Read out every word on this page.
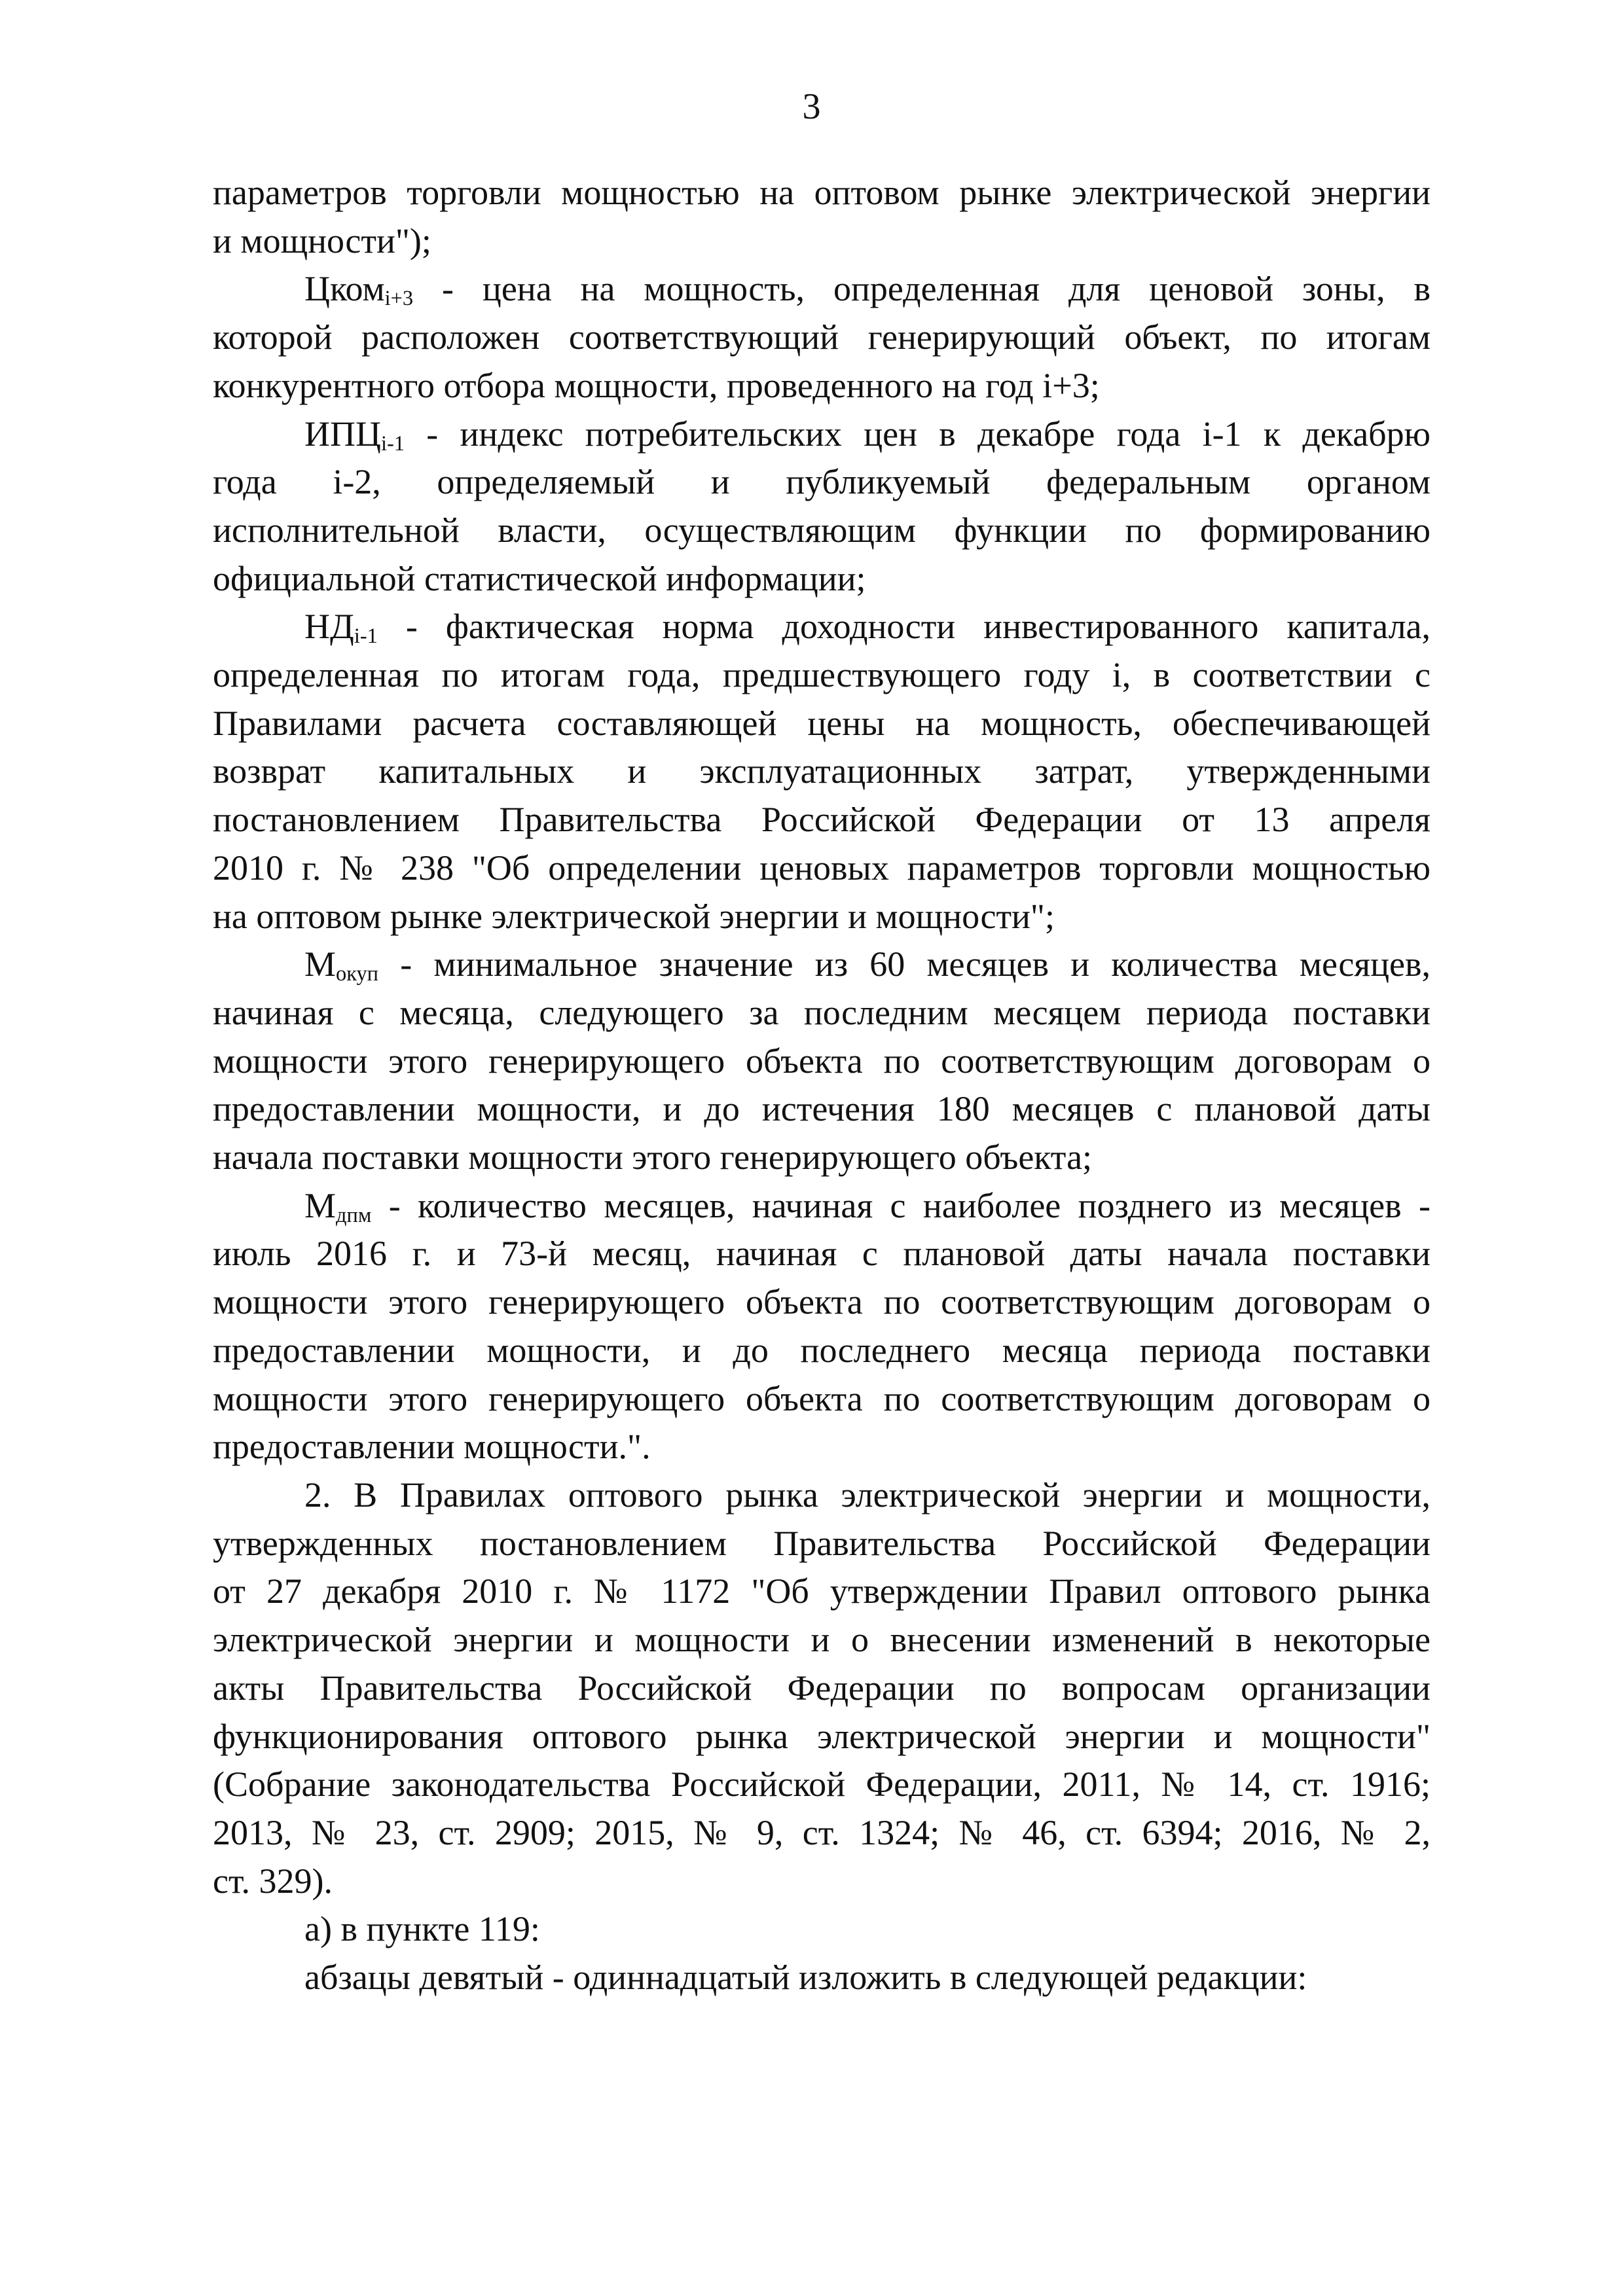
3

параметров торговли мощностью на оптовом рынке электрической энергии

и мощности");

Цком$_{i+3}$ - цена на мощность, определенная для ценовой зоны, в

которой расположен соответствующий генерирующий объект, по итогам

конкурентного отбора мощности, проведенного на год i+3;

$ИПЦ_{i-1}$ - индекс потребительских цен в декабре года i-1 к декабрю

года i-2, определяемый и публикуемый федеральным органом

исполнительной власти, осуществляющим функции по формированию

официальной статистической информации;

$НД_{i-1}$ - фактическая норма доходности инвестированного капитала,

определенная по итогам года, предшествующего году i, в соответствии с

Правилами расчета составляющей цены на мощность, обеспечивающей

возврат капитальных и эксплуатационных затрат, утвержденными

постановлением Правительства Российской Федерации от 13 апреля

2010 г. № 238 "Об определении ценовых параметров торговли мощностью

на оптовом рынке электрической энергии и мощности";

$М_{окуп}$ - минимальное значение из 60 месяцев и количества месяцев,

начиная с месяца, следующего за последним месяцем периода поставки

мощности этого генерирующего объекта по соответствующим договорам о

предоставлении мощности, и до истечения 180 месяцев с плановой даты

начала поставки мощности этого генерирующего объекта;

$М_{дпм}$ - количество месяцев, начиная с наиболее позднего из месяцев -

июль 2016 г. и 73-й месяц, начиная с плановой даты начала поставки

мощности этого генерирующего объекта по соответствующим договорам о

предоставлении мощности, и до последнего месяца периода поставки

мощности этого генерирующего объекта по соответствующим договорам о

предоставлении мощности.".

2. В Правилах оптового рынка электрической энергии и мощности,

утвержденных постановлением Правительства Российской Федерации

от 27 декабря 2010 г. № 1172 "Об утверждении Правил оптового рынка

электрической энергии и мощности и о внесении изменений в некоторые

акты Правительства Российской Федерации по вопросам организации

функционирования оптового рынка электрической энергии и мощности"

(Собрание законодательства Российской Федерации, 2011, № 14, ст. 1916;

2013, № 23, ст. 2909; 2015, № 9, ст. 1324; № 46, ст. 6394; 2016, № 2,

ст. 329).

а) в пункте 119:

абзацы девятый - одиннадцатый изложить в следующей редакции:
